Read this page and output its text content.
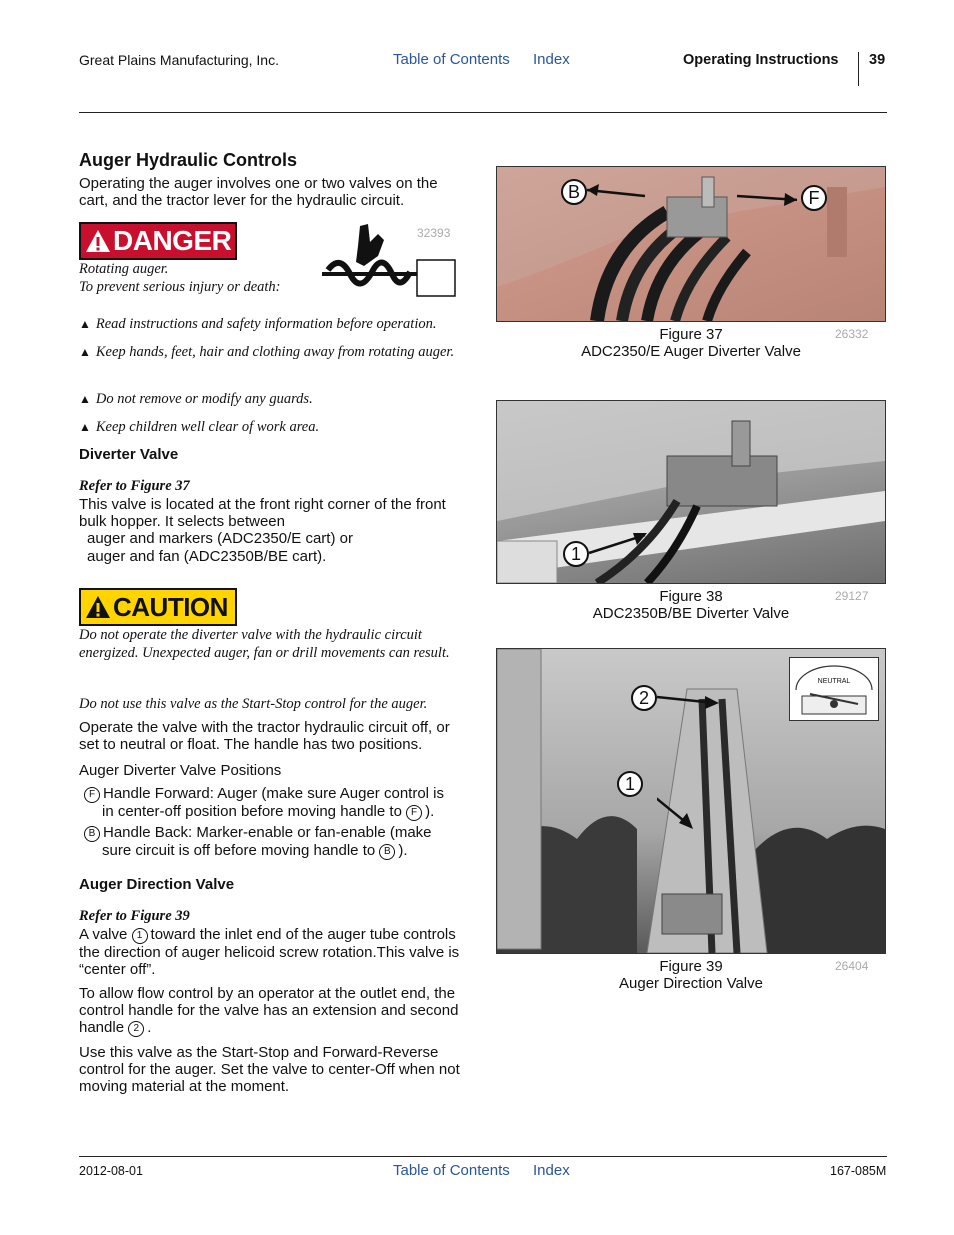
Great Plains Manufacturing, Inc.	Table of Contents Index	Operating Instructions 39
Auger Hydraulic Controls
Operating the auger involves one or two valves on the cart, and the tractor lever for the hydraulic circuit.
DANGER	32393
Rotating auger.
To prevent serious injury or death:
▲ Read instructions and safety information before operation.
▲ Keep hands, feet, hair and clothing away from rotating auger.
▲ Do not remove or modify any guards.
▲ Keep children well clear of work area.
Diverter Valve
Refer to Figure 37
This valve is located at the front right corner of the front bulk hopper. It selects between
auger and markers (ADC2350/E cart) or
auger and fan (ADC2350B/BE cart).
CAUTION
Do not operate the diverter valve with the hydraulic circuit energized. Unexpected auger, fan or drill movements can result.
Do not use this valve as the Start-Stop control for the auger.
Operate the valve with the tractor hydraulic circuit off, or set to neutral or float. The handle has two positions.
Auger Diverter Valve Positions
F Handle Forward: Auger (make sure Auger control is
in center-off position before moving handle to F ).
B Handle Back: Marker-enable or fan-enable (make
sure circuit is off before moving handle to B ).
Auger Direction Valve
Refer to Figure 39
A valve 1 toward the inlet end of the auger tube controls the direction of auger helicoid screw rotation.This valve is “center off”.
To allow flow control by an operator at the outlet end, the control handle for the valve has an extension and second handle 2 .
Use this valve as the Start-Stop and Forward-Reverse control for the auger. Set the valve to center-Off when not moving material at the moment.
B	F
Figure 37
ADC2350/E Auger Diverter Valve
26332
1
Figure 38
ADC2350B/BE Diverter Valve
29127
NEUTRAL
2
1
Figure 39
Auger Direction Valve
26404
2012-08-01	Table of Contents Index	167-085M
